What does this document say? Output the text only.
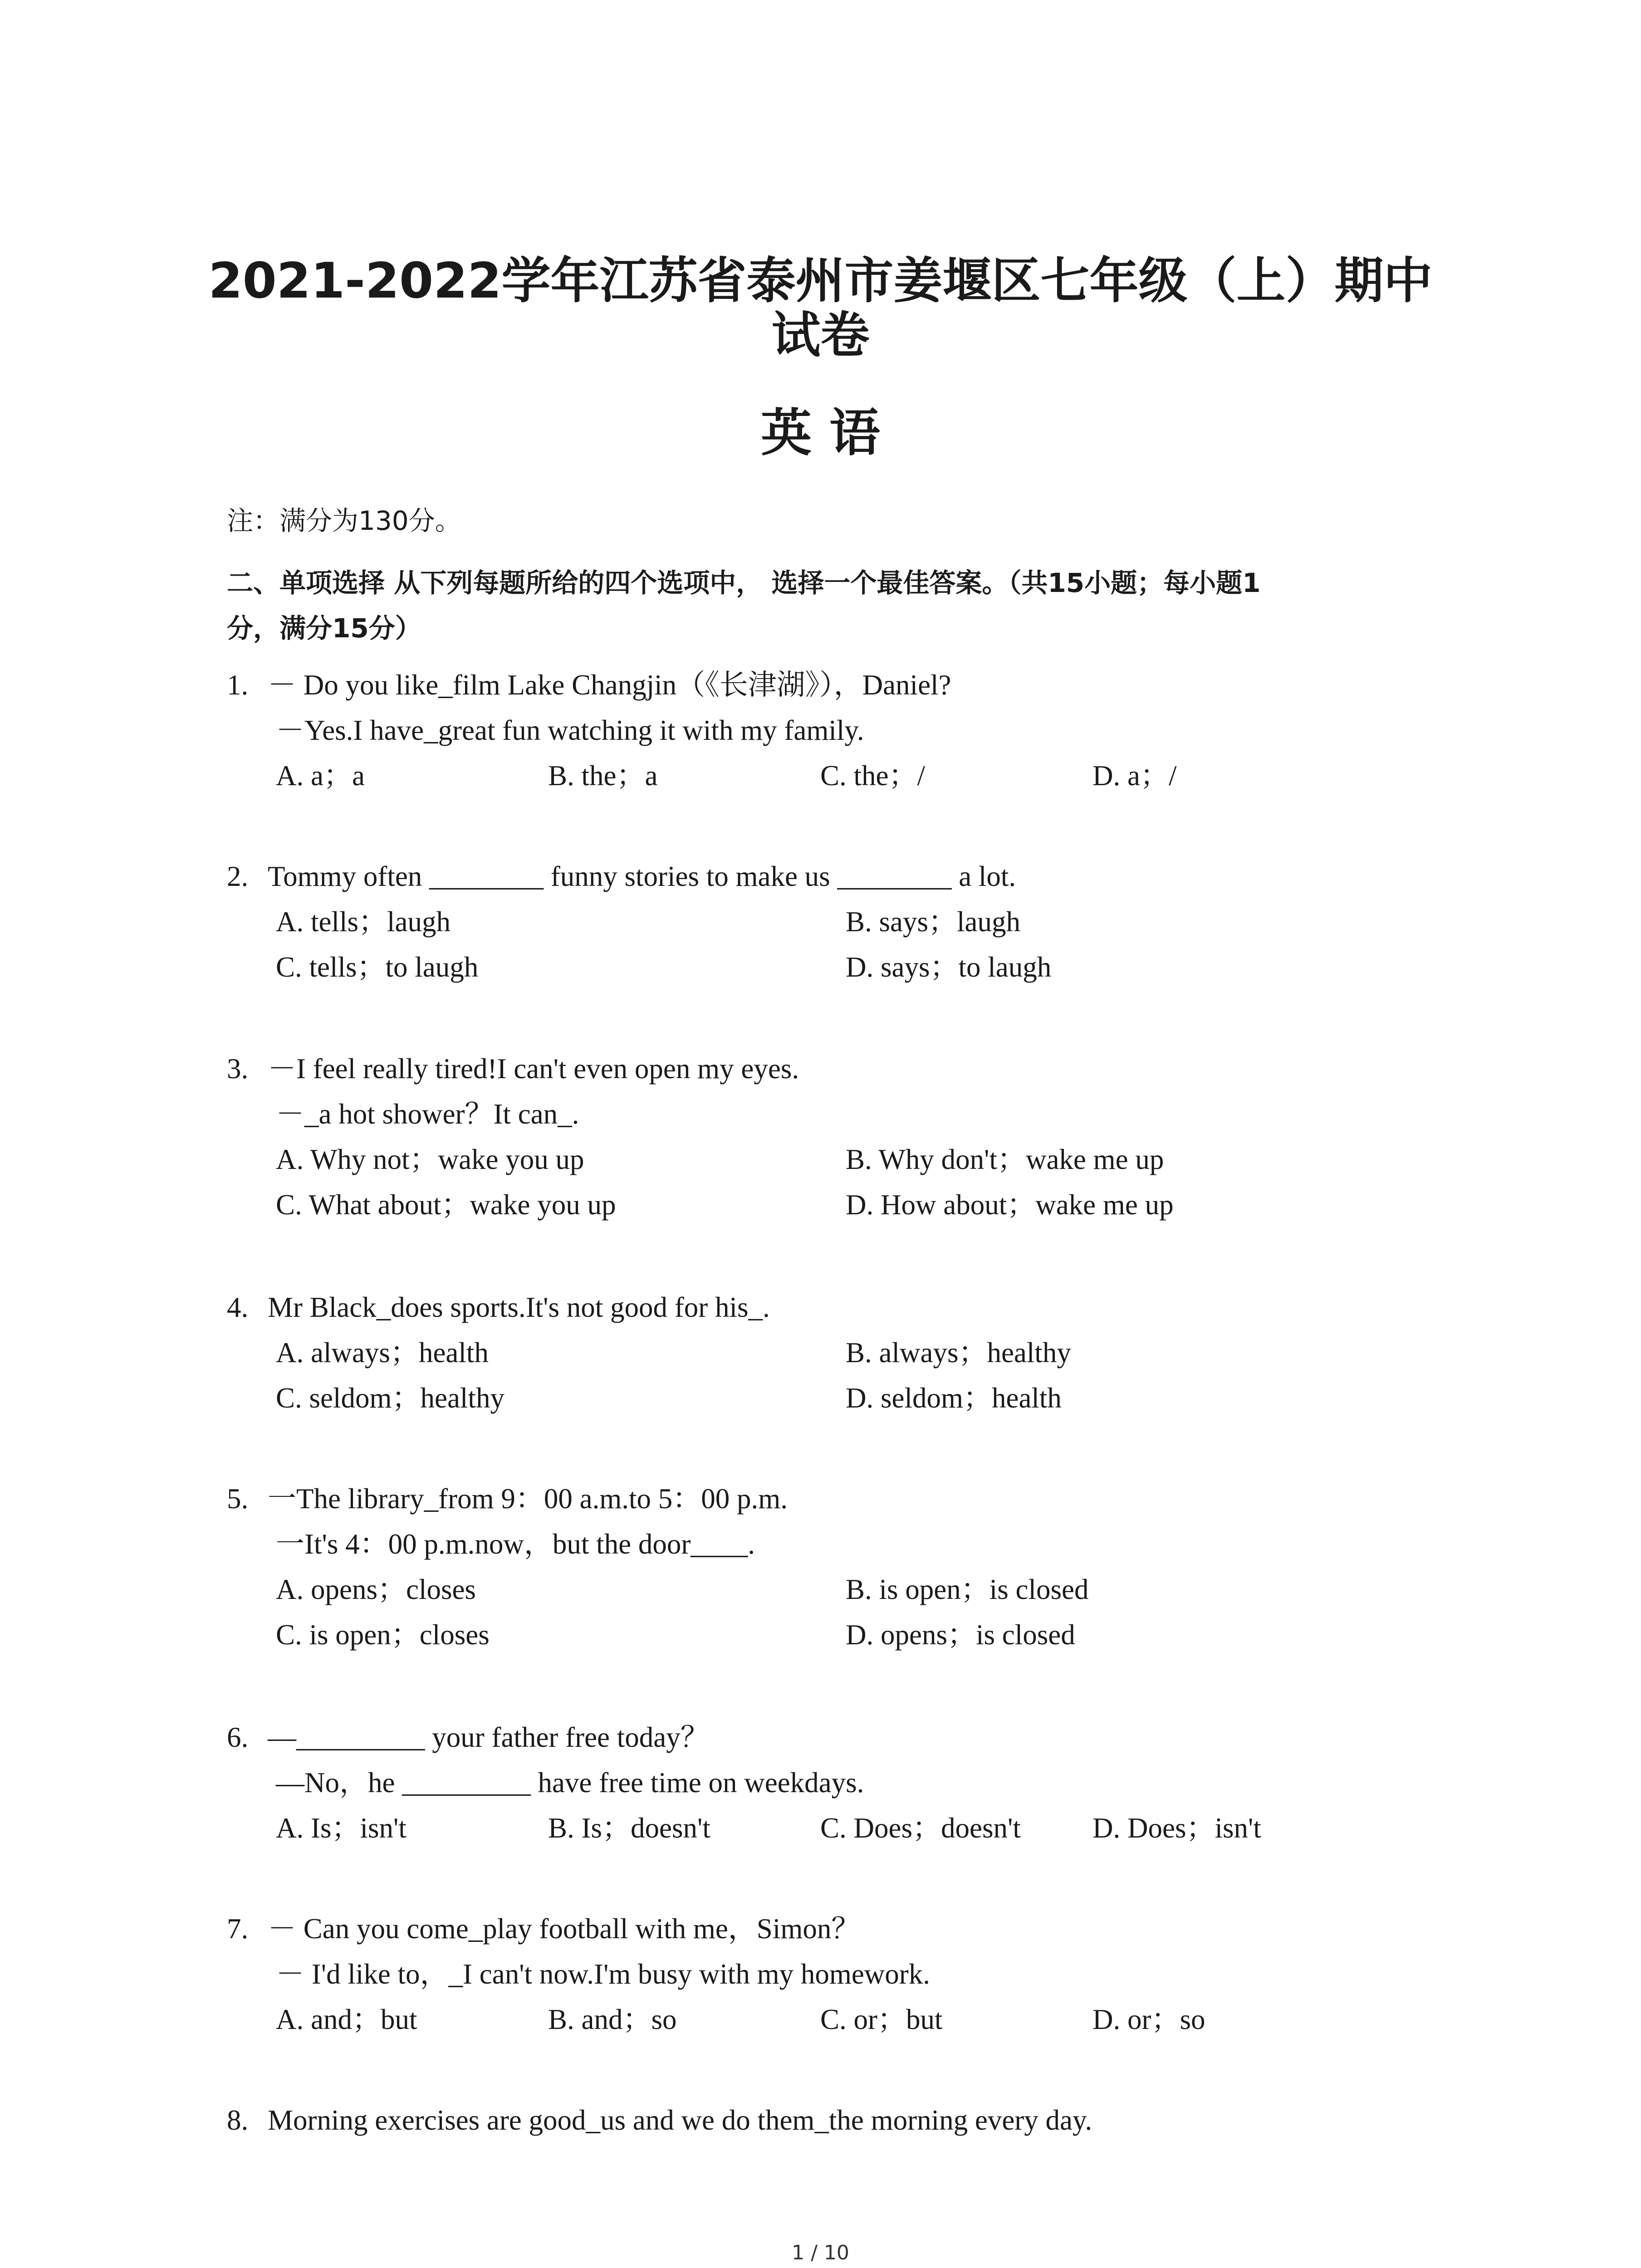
2021-2022学年江苏省泰州市姜堰区七年级（上）期中
试卷
英 语
注：满分为130分。
二、单项选择 从下列每题所给的四个选项中， 选择一个最佳答案。（共15小题；每小题1
分，满分15分）
1. － Do you like_film Lake Changjin（《长津湖》），Daniel?
－Yes.I have_great fun watching it with my family.
A. a；a	B. the；a	C. the；/	D. a；/
2. Tommy often ________ funny stories to make us ________ a lot.
A. tells；laugh	B. says；laugh
C. tells；to laugh	D. says；to laugh
3. －I feel really tired!I can't even open my eyes.
－_a hot shower？It can_.
A. Why not；wake you up	B. Why don't；wake me up
C. What about；wake you up	D. How about；wake me up
4. Mr Black_does sports.It's not good for his_.
A. always；health	B. always；healthy
C. seldom；healthy	D. seldom；health
5. 一The library_from 9：00 a.m.to 5：00 p.m.
一It's 4：00 p.m.now，but the door____.
A. opens；closes	B. is open；is closed
C. is open；closes	D. opens；is closed
6. —_________ your father free today？
—No，he _________ have free time on weekdays.
A. Is；isn't	B. Is；doesn't	C. Does；doesn't	D. Does；isn't
7. － Can you come_play football with me，Simon？
－ I'd like to，_I can't now.I'm busy with my homework.
A. and；but	B. and；so	C. or；but	D. or；so
8. Morning exercises are good_us and we do them_the morning every day.
1 / 10
